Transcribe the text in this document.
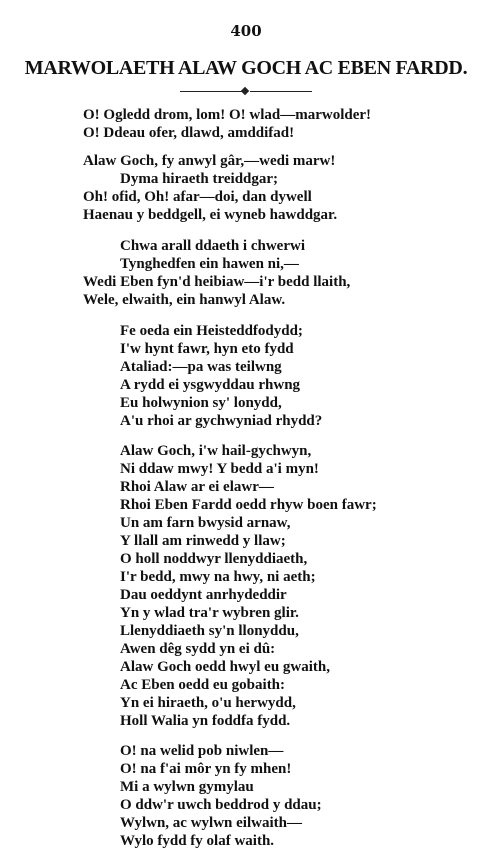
400
MARWOLAETH ALAW GOCH AC EBEN FARDD.
O! Ogledd drom, lom! O! wlad—marwolder!
O! Ddeau ofer, dlawd, amddifad!
Alaw Goch, fy anwyl gâr,—wedi marw!
Dyma hiraeth treiddgar;
Oh! ofid, Oh! afar—doi, dan dywell
Haenau y beddgell, ei wyneb hawddgar.
Chwa arall ddaeth i chwerwi
Tynghedfen ein hawen ni,—
Wedi Eben fyn'd heibiaw—i'r bedd llaith,
Wele, elwaith, ein hanwyl Alaw.
Fe oeda ein Heisteddfodydd;
I'w hynt fawr, hyn eto fydd
Ataliad:—pa was teilwng
A rydd ei ysgwyddau rhwng
Eu holwynion sy' lonydd,
A'u rhoi ar gychwyniad rhydd?
Alaw Goch, i'w hail-gychwyn,
Ni ddaw mwy! Y bedd a'i myn!
Rhoi Alaw ar ei elawr—
Rhoi Eben Fardd oedd rhyw boen fawr;
Un am farn bwysid arnaw,
Y llall am rinwedd y llaw;
O holl noddwyr llenyddiaeth,
I'r bedd, mwy na hwy, ni aeth;
Dau oeddynt anrhydeddir
Yn y wlad tra'r wybren glir.
Llenyddiaeth sy'n llonyddu,
Awen dêg sydd yn ei dû:
Alaw Goch oedd hwyl eu gwaith,
Ac Eben oedd eu gobaith:
Yn ei hiraeth, o'u herwydd,
Holl Walia yn foddfa fydd.
O! na welid pob niwlen—
O! na f'ai môr yn fy mhen!
Mi a wylwn gymylau
O ddw'r uwch beddrod y ddau;
Wylwn, ac wylwn eilwaith—
Wylo fydd fy olaf waith.
